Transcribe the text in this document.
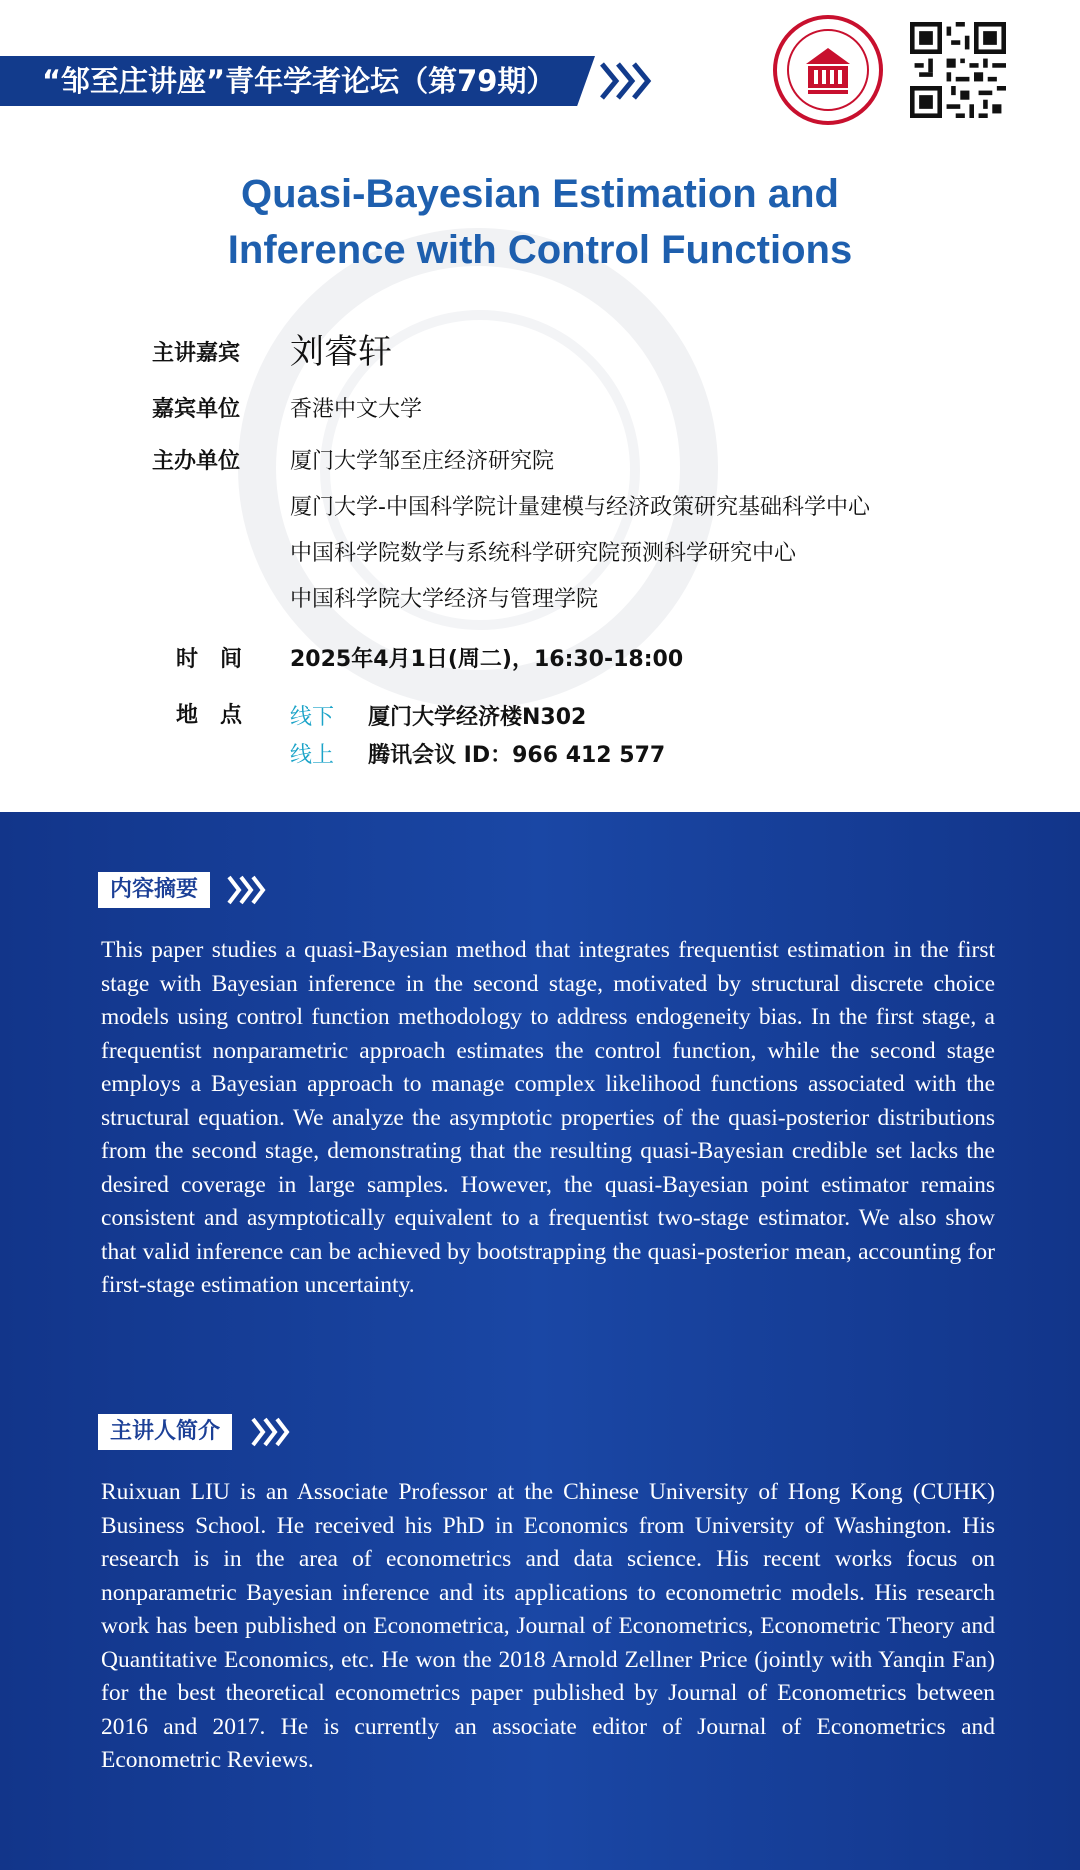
“邹至庄讲座”青年学者论坛（第79期）
Quasi-Bayesian Estimation and
Inference with Control Functions
主讲嘉宾 刘睿轩
嘉宾单位 香港中文大学
主办单位 厦门大学邹至庄经济研究院
厦门大学-中国科学院计量建模与经济政策研究基础科学中心
中国科学院数学与系统科学研究院预测科学研究中心
中国科学院大学经济与管理学院
时　间 2025年4月1日(周二)，16:30-18:00
地　点 线下 厦门大学经济楼N302
线上 腾讯会议 ID：966 412 577
内容摘要

This paper studies a quasi-Bayesian method that integrates frequentist estimation in the first stage with Bayesian inference in the second stage, motivated by structural discrete choice models using control function methodology to address endogeneity bias. In the first stage, a frequentist nonparametric approach estimates the control function, while the second stage employs a Bayesian approach to manage complex likelihood functions associated with the structural equation. We analyze the asymptotic properties of the quasi-posterior distributions from the second stage, demonstrating that the resulting quasi-Bayesian credible set lacks the desired coverage in large samples. However, the quasi-Bayesian point estimator remains consistent and asymptotically equivalent to a frequentist two-stage estimator. We also show that valid inference can be achieved by bootstrapping the quasi-posterior mean, accounting for first-stage estimation uncertainty.

主讲人简介

Ruixuan LIU is an Associate Professor at the Chinese University of Hong Kong (CUHK) Business School. He received his PhD in Economics from University of Washington. His research is in the area of econometrics and data science. His recent works focus on nonparametric Bayesian inference and its applications to econometric models. His research work has been published on Econometrica, Journal of Econometrics, Econometric Theory and Quantitative Economics, etc. He won the 2018 Arnold Zellner Price (jointly with Yanqin Fan) for the best theoretical econometrics paper published by Journal of Econometrics between 2016 and 2017. He is currently an associate editor of Journal of Econometrics and Econometric Reviews.
